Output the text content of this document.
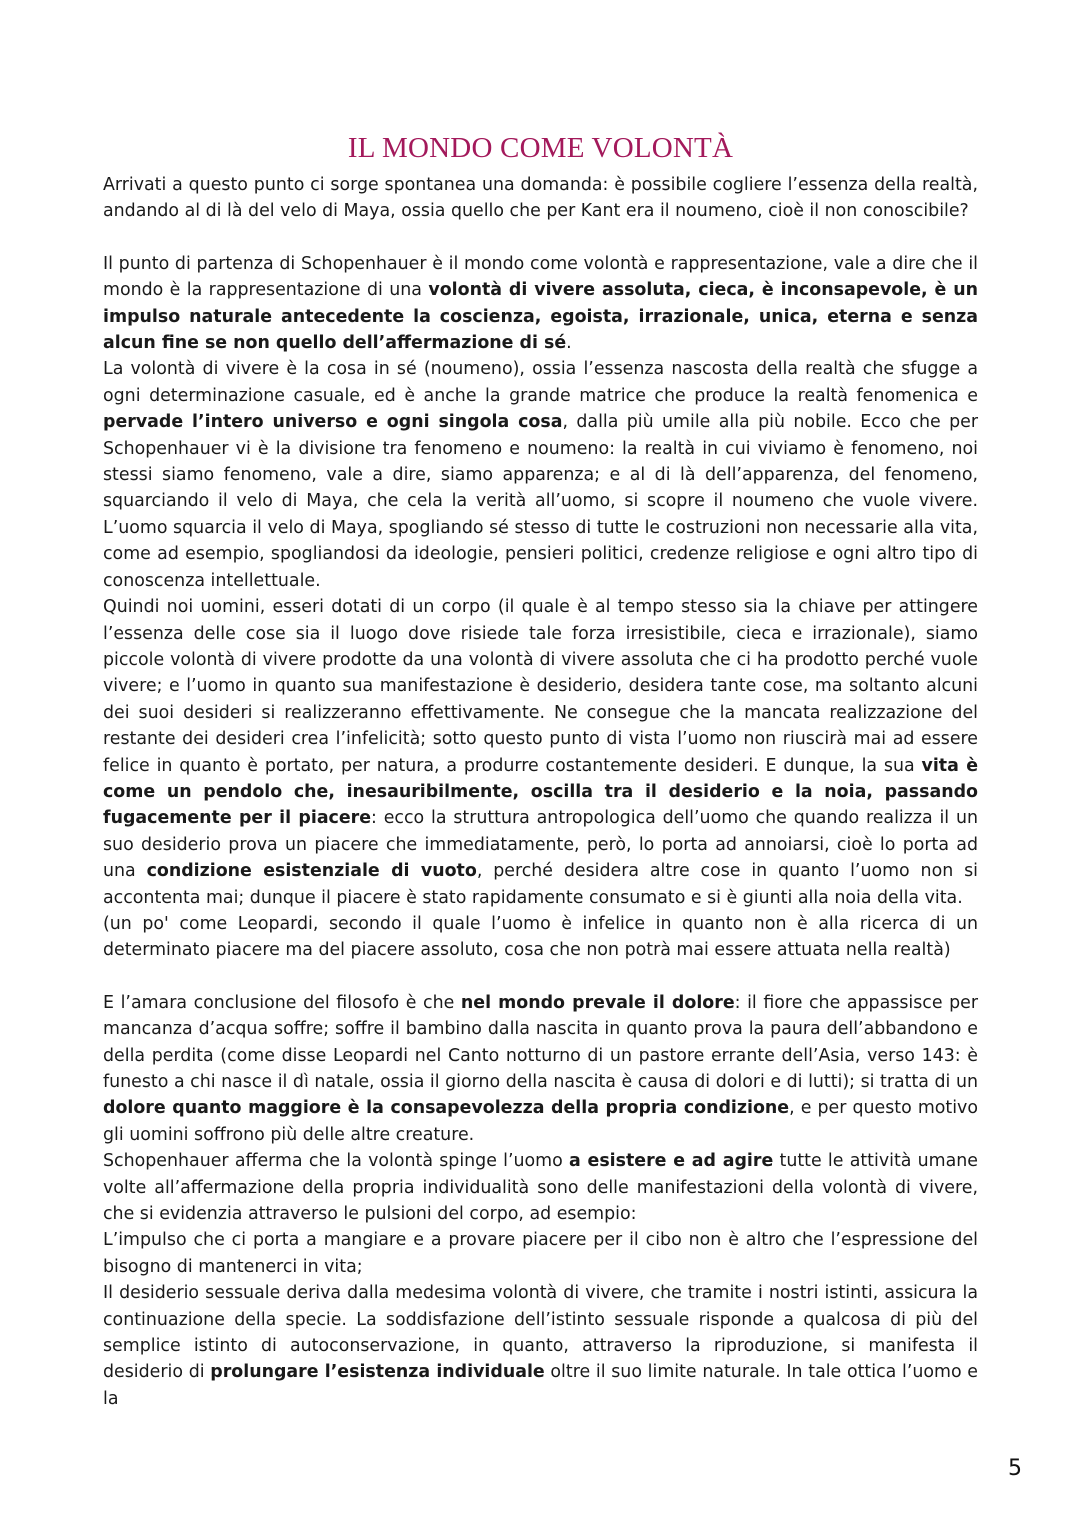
IL MONDO COME VOLONTÀ

Arrivati a questo punto ci sorge spontanea una domanda: è possibile cogliere l’essenza della realtà, andando al di là del velo di Maya, ossia quello che per Kant era il noumeno, cioè il non conoscibile?

Il punto di partenza di Schopenhauer è il mondo come volontà e rappresentazione, vale a dire che il mondo è la rappresentazione di una volontà di vivere assoluta, cieca, è inconsapevole, è un impulso naturale antecedente la coscienza, egoista, irrazionale, unica, eterna e senza alcun fine se non quello dell’affermazione di sé.

La volontà di vivere è la cosa in sé (noumeno), ossia l’essenza nascosta della realtà che sfugge a ogni determinazione casuale, ed è anche la grande matrice che produce la realtà fenomenica e pervade l’intero universo e ogni singola cosa, dalla più umile alla più nobile. Ecco che per Schopenhauer vi è la divisione tra fenomeno e noumeno: la realtà in cui viviamo è fenomeno, noi stessi siamo fenomeno, vale a dire, siamo apparenza; e al di là dell’apparenza, del fenomeno, squarciando il velo di Maya, che cela la verità all’uomo, si scopre il noumeno che vuole vivere. L’uomo squarcia il velo di Maya, spogliando sé stesso di tutte le costruzioni non necessarie alla vita, come ad esempio, spogliandosi da ideologie, pensieri politici, credenze religiose e ogni altro tipo di conoscenza intellettuale.

Quindi noi uomini, esseri dotati di un corpo (il quale è al tempo stesso sia la chiave per attingere l’essenza delle cose sia il luogo dove risiede tale forza irresistibile, cieca e irrazionale), siamo piccole volontà di vivere prodotte da una volontà di vivere assoluta che ci ha prodotto perché vuole vivere; e l’uomo in quanto sua manifestazione è desiderio, desidera tante cose, ma soltanto alcuni dei suoi desideri si realizzeranno effettivamente. Ne consegue che la mancata realizzazione del restante dei desideri crea l’infelicità; sotto questo punto di vista l’uomo non riuscirà mai ad essere felice in quanto è portato, per natura, a produrre costantemente desideri. E dunque, la sua vita è come un pendolo che, inesauribilmente, oscilla tra il desiderio e la noia, passando fugacemente per il piacere: ecco la struttura antropologica dell’uomo che quando realizza il un suo desiderio prova un piacere che immediatamente, però, lo porta ad annoiarsi, cioè lo porta ad una condizione esistenziale di vuoto, perché desidera altre cose in quanto l’uomo non si accontenta mai; dunque il piacere è stato rapidamente consumato e si è giunti alla noia della vita.

(un po' come Leopardi, secondo il quale l’uomo è infelice in quanto non è alla ricerca di un determinato piacere ma del piacere assoluto, cosa che non potrà mai essere attuata nella realtà)

E l’amara conclusione del filosofo è che nel mondo prevale il dolore: il fiore che appassisce per mancanza d’acqua soffre; soffre il bambino dalla nascita in quanto prova la paura dell’abbandono e della perdita (come disse Leopardi nel Canto notturno di un pastore errante dell’Asia, verso 143: è funesto a chi nasce il dì natale, ossia il giorno della nascita è causa di dolori e di lutti); si tratta di un dolore quanto maggiore è la consapevolezza della propria condizione, e per questo motivo gli uomini soffrono più delle altre creature.

Schopenhauer afferma che la volontà spinge l’uomo a esistere e ad agire tutte le attività umane volte all’affermazione della propria individualità sono delle manifestazioni della volontà di vivere, che si evidenzia attraverso le pulsioni del corpo, ad esempio:

L’impulso che ci porta a mangiare e a provare piacere per il cibo non è altro che l’espressione del bisogno di mantenerci in vita;

Il desiderio sessuale deriva dalla medesima volontà di vivere, che tramite i nostri istinti, assicura la continuazione della specie. La soddisfazione dell’istinto sessuale risponde a qualcosa di più del semplice istinto di autoconservazione, in quanto, attraverso la riproduzione, si manifesta il desiderio di prolungare l’esistenza individuale oltre il suo limite naturale. In tale ottica l’uomo e la

5
